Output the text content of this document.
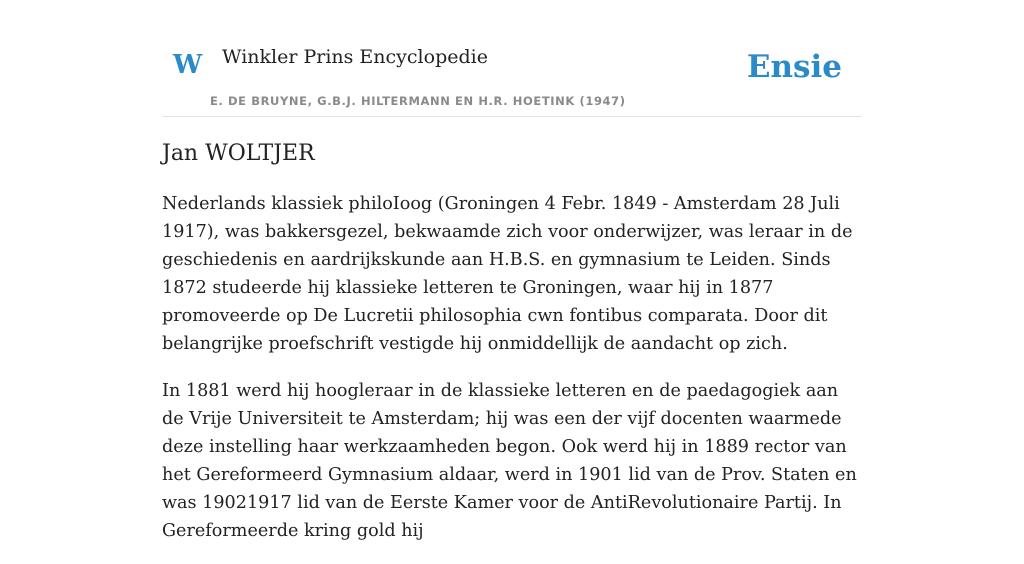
W Winkler Prins Encyclopedie
E. DE BRUYNE, G.B.J. HILTERMANN EN H.R. HOETINK (1947)
Ensie
Jan WOLTJER

Nederlands klassiek philoIoog (Groningen 4 Febr. 1849 - Amsterdam 28 Juli 1917), was bakkersgezel, bekwaamde zich voor onderwijzer, was leraar in de geschiedenis en aardrijkskunde aan H.B.S. en gymnasium te Leiden. Sinds 1872 studeerde hij klassieke letteren te Groningen, waar hij in 1877 promoveerde op De Lucretii philosophia cwn fontibus comparata. Door dit belangrijke proefschrift vestigde hij onmiddellijk de aandacht op zich.

In 1881 werd hij hoogleraar in de klassieke letteren en de paedagogiek aan de Vrije Universiteit te Amsterdam; hij was een der vijf docenten waarmede deze instelling haar werkzaamheden begon. Ook werd hij in 1889 rector van het Gereformeerd Gymnasium aldaar, werd in 1901 lid van de Prov. Staten en was 19021917 lid van de Eerste Kamer voor de AntiRevolutionaire Partij. In Gereformeerde kring gold hij
